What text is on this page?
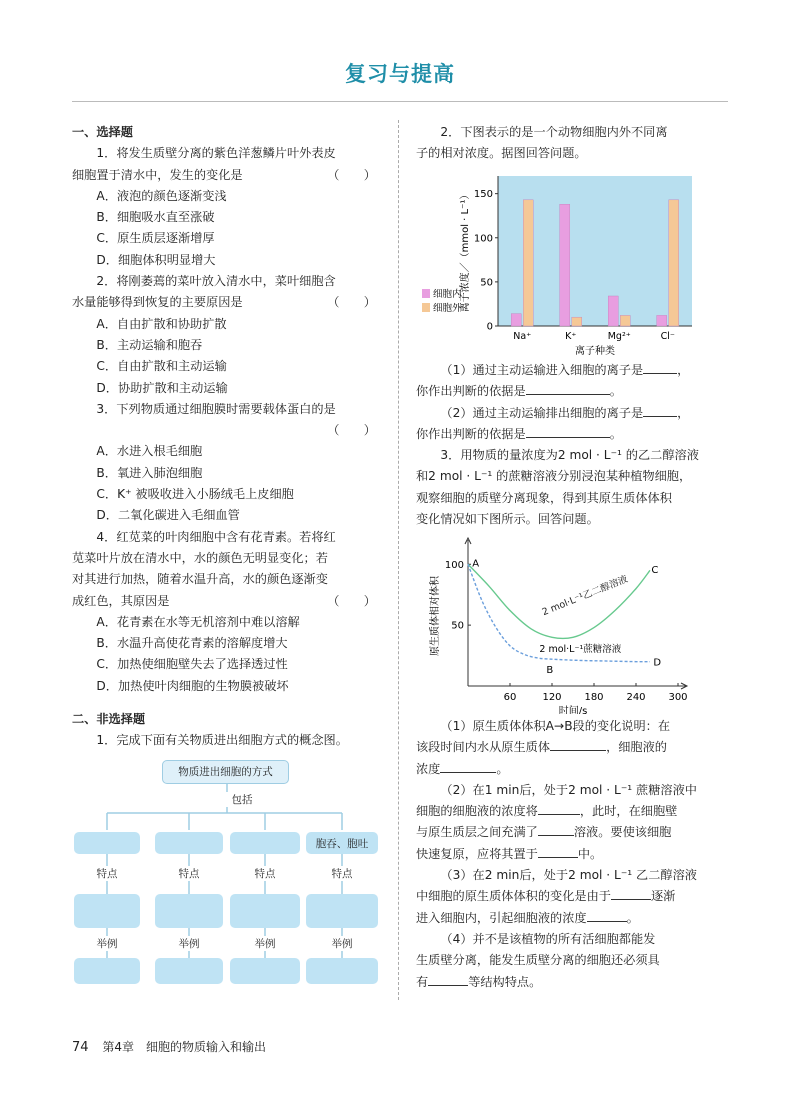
复习与提高

一、选择题

1．将发生质壁分离的紫色洋葱鳞片叶外表皮

细胞置于清水中，发生的变化是	（　　）

A．液泡的颜色逐渐变浅

B．细胞吸水直至涨破

C．原生质层逐渐增厚

D．细胞体积明显增大

2．将刚萎蔫的菜叶放入清水中，菜叶细胞含

水量能够得到恢复的主要原因是	（　　）

A．自由扩散和协助扩散

B．主动运输和胞吞

C．自由扩散和主动运输

D．协助扩散和主动运输

3．下列物质通过细胞膜时需要载体蛋白的是

（　　）

A．水进入根毛细胞

B．氧进入肺泡细胞

C．K⁺ 被吸收进入小肠绒毛上皮细胞

D．二氧化碳进入毛细血管

4．红苋菜的叶肉细胞中含有花青素。若将红

苋菜叶片放在清水中，水的颜色无明显变化；若

对其进行加热，随着水温升高，水的颜色逐渐变

成红色，其原因是	（　　）

A．花青素在水等无机溶剂中难以溶解

B．水温升高使花青素的溶解度增大

C．加热使细胞壁失去了选择透过性

D．加热使叶肉细胞的生物膜被破坏

二、非选择题

1．完成下面有关物质进出细胞方式的概念图。

物质进出细胞的方式
包括
胞吞、胞吐
特点	特点	特点	特点
举例	举例	举例	举例

2．下图表示的是一个动物细胞内外不同离

子的相对浓度。据图回答问题。

0
50
100
150
Na⁺	K⁺	Mg²⁺	Cl⁻
离子浓度／（mmol · L⁻¹）
离子种类
细胞内
细胞外

（1）通过主动运输进入细胞的离子是	，

你作出判断的依据是	。

（2）通过主动运输排出细胞的离子是	，

你作出判断的依据是	。

3．用物质的量浓度为2 mol · L⁻¹ 的乙二醇溶液

和2 mol · L⁻¹ 的蔗糖溶液分别浸泡某种植物细胞，

观察细胞的质壁分离现象，得到其原生质体体积

变化情况如下图所示。回答问题。

60	120 180 240 300
50
100
原生质体相对体积
时间/s
2 mol·L⁻¹乙二醇溶液
2 mol·L⁻¹蔗糖溶液
A
B
C
D

（1）原生质体体积A→B段的变化说明：在

该段时间内水从原生质体	，细胞液的

浓度	。

（2）在1 min后，处于2 mol · L⁻¹ 蔗糖溶液中

细胞的细胞液的浓度将	，此时，在细胞壁

与原生质层之间充满了	溶液。要使该细胞

快速复原，应将其置于	中。

（3）在2 min后，处于2 mol · L⁻¹ 乙二醇溶液

中细胞的原生质体体积的变化是由于	逐渐

进入细胞内，引起细胞液的浓度	。

（4）并不是该植物的所有活细胞都能发

生质壁分离，能发生质壁分离的细胞还必须具

有	等结构特点。

74 第4章　细胞的物质输入和输出
